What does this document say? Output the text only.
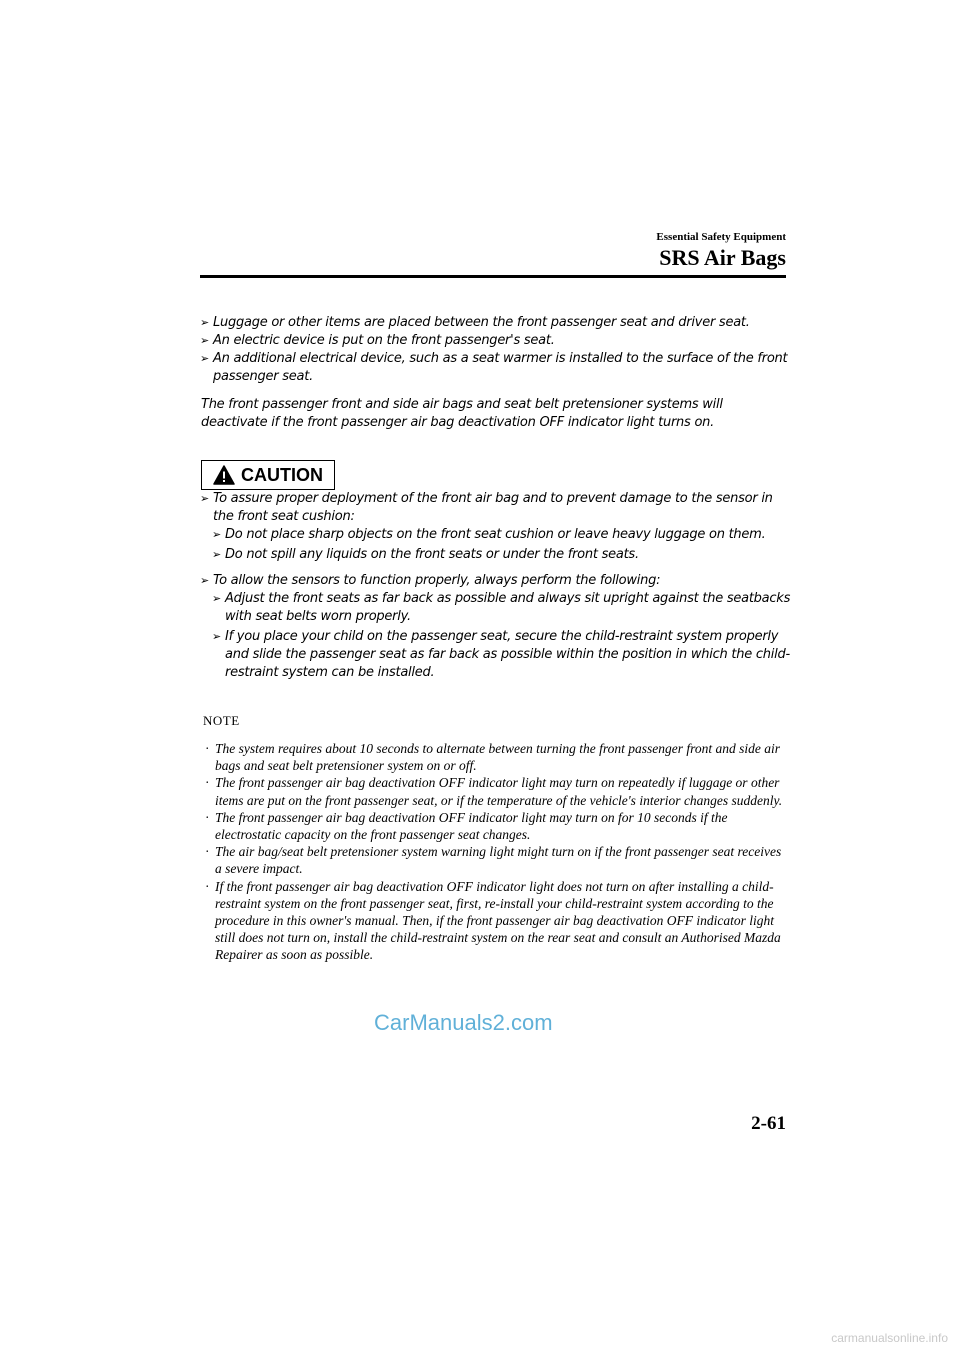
Essential Safety Equipment
SRS Air Bags
➢ Luggage or other items are placed between the front passenger seat and driver seat.
➢ An electric device is put on the front passenger's seat.
➢ An additional electrical device, such as a seat warmer is installed to the surface of the front passenger seat.

The front passenger front and side air bags and seat belt pretensioner systems will deactivate if the front passenger air bag deactivation OFF indicator light turns on.

CAUTION
➢ To assure proper deployment of the front air bag and to prevent damage to the sensor in the front seat cushion:
➢ Do not place sharp objects on the front seat cushion or leave heavy luggage on them.
➢ Do not spill any liquids on the front seats or under the front seats.
➢ To allow the sensors to function properly, always perform the following:
➢ Adjust the front seats as far back as possible and always sit upright against the seatbacks with seat belts worn properly.
➢ If you place your child on the passenger seat, secure the child-restraint system properly and slide the passenger seat as far back as possible within the position in which the child-restraint system can be installed.
NOTE
· The system requires about 10 seconds to alternate between turning the front passenger front and side air bags and seat belt pretensioner system on or off.
· The front passenger air bag deactivation OFF indicator light may turn on repeatedly if luggage or other items are put on the front passenger seat, or if the temperature of the vehicle's interior changes suddenly.
· The front passenger air bag deactivation OFF indicator light may turn on for 10 seconds if the electrostatic capacity on the front passenger seat changes.
· The air bag/seat belt pretensioner system warning light might turn on if the front passenger seat receives a severe impact.
· If the front passenger air bag deactivation OFF indicator light does not turn on after installing a child-restraint system on the front passenger seat, first, re-install your child-restraint system according to the procedure in this owner's manual. Then, if the front passenger air bag deactivation OFF indicator light still does not turn on, install the child-restraint system on the rear seat and consult an Authorised Mazda Repairer as soon as possible.
CarManuals2.com
2-61
carmanualsonline.info
